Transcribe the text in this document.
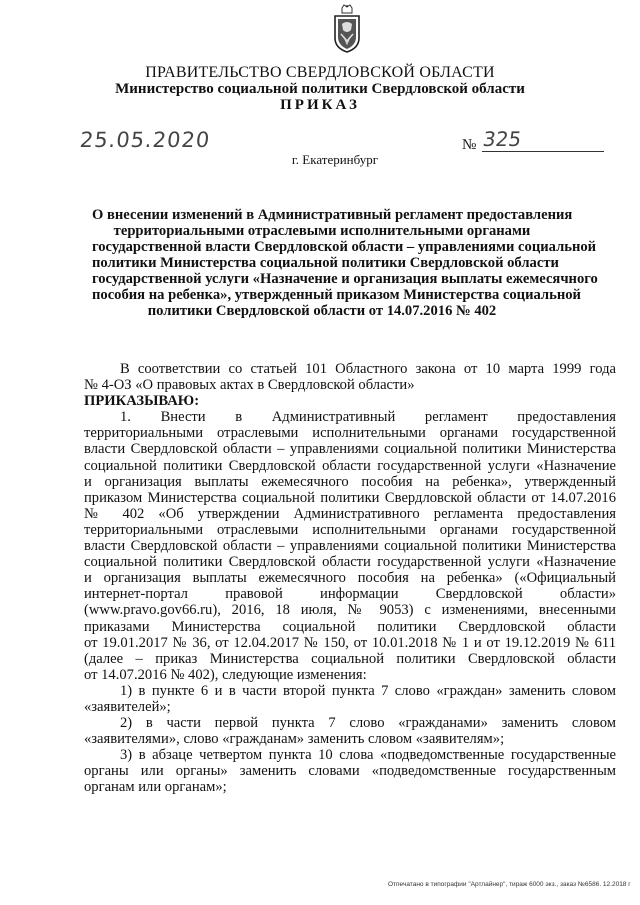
ПРАВИТЕЛЬСТВО СВЕРДЛОВСКОЙ ОБЛАСТИ
Министерство социальной политики Свердловской области
ПРИКАЗ
25.05.2020	№ 325
г. Екатеринбург
О внесении изменений в Административный регламент предоставления
территориальными отраслевыми исполнительными органами
государственной власти Свердловской области – управлениями социальной
политики Министерства социальной политики Свердловской области
государственной услуги «Назначение и организация выплаты ежемесячного
пособия на ребенка», утвержденный приказом Министерства социальной
политики Свердловской области от 14.07.2016 № 402
В соответствии со статьей 101 Областного закона от 10 марта 1999 года
№ 4-ОЗ «О правовых актах в Свердловской области»
ПРИКАЗЫВАЮ:
1. Внести в Административный регламент предоставления
территориальными отраслевыми исполнительными органами государственной
власти Свердловской области – управлениями социальной политики Министерства
социальной политики Свердловской области государственной услуги «Назначение
и организация выплаты ежемесячного пособия на ребенка», утвержденный
приказом Министерства социальной политики Свердловской области от 14.07.2016
№ 402 «Об утверждении Административного регламента предоставления
территориальными отраслевыми исполнительными органами государственной
власти Свердловской области – управлениями социальной политики Министерства
социальной политики Свердловской области государственной услуги «Назначение
и организация выплаты ежемесячного пособия на ребенка» («Официальный
интернет-портал правовой информации Свердловской области»
(www.pravo.gov66.ru), 2016, 18 июля, № 9053) с изменениями, внесенными
приказами Министерства социальной политики Свердловской области
от 19.01.2017 № 36, от 12.04.2017 № 150, от 10.01.2018 № 1 и от 19.12.2019 № 611
(далее – приказ Министерства социальной политики Свердловской области
от 14.07.2016 № 402), следующие изменения:
1) в пункте 6 и в части второй пункта 7 слово «граждан» заменить словом
«заявителей»;
2) в части первой пункта 7 слово «гражданами» заменить словом
«заявителями», слово «гражданам» заменить словом «заявителям»;
3) в абзаце четвертом пункта 10 слова «подведомственные государственные
органы или органы» заменить словами «подведомственные государственным
органам или органам»;
Отпечатано в типографии "Артлайнер", тираж 6000 экз., заказ №6586. 12.2018 г
